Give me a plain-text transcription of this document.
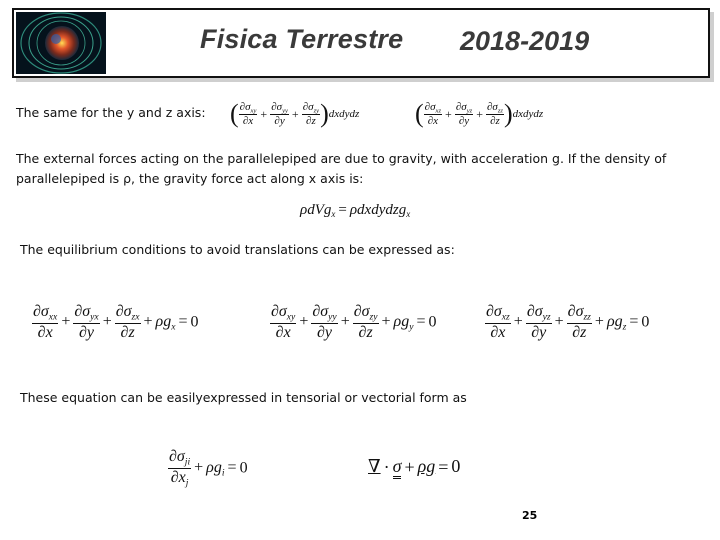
Fisica Terrestre 2018-2019
The same for the y and z axis: ( $\frac{\partial\sigma_{xy}}{\partial x} + \frac{\partial\sigma_{yy}}{\partial y} + \frac{\partial\sigma_{zy}}{\partial z}$ )dxdydz ( $\frac{\partial\sigma_{xz}}{\partial x} + \frac{\partial\sigma_{yz}}{\partial y} + \frac{\partial\sigma_{zz}}{\partial z}$ )dxdydz
The external forces acting on the parallelepiped are due to gravity, with acceleration g. If the density of
parallelepiped is ρ, the gravity force act along x axis is:
ρdVg$_x$ = ρdxdydzg$_x$
The equilibrium conditions to avoid translations can be expressed as:
$\frac{\partial\sigma_{xx}}{\partial x} + \frac{\partial\sigma_{yx}}{\partial y} + \frac{\partial\sigma_{zx}}{\partial z} + \rho g_x = 0$	$\frac{\partial\sigma_{xy}}{\partial x} + \frac{\partial\sigma_{yy}}{\partial y} + \frac{\partial\sigma_{zy}}{\partial z} + \rho g_y = 0$	$\frac{\partial\sigma_{xz}}{\partial x} + \frac{\partial\sigma_{yz}}{\partial y} + \frac{\partial\sigma_{zz}}{\partial z} + \rho g_z = 0$
These equation can be easilyexpressed in tensorial or vectorial form as
$\frac{\partial\sigma_{ji}}{\partial x_j} + \rho g_i = 0$	∇ · σ + ρg = 0
25
